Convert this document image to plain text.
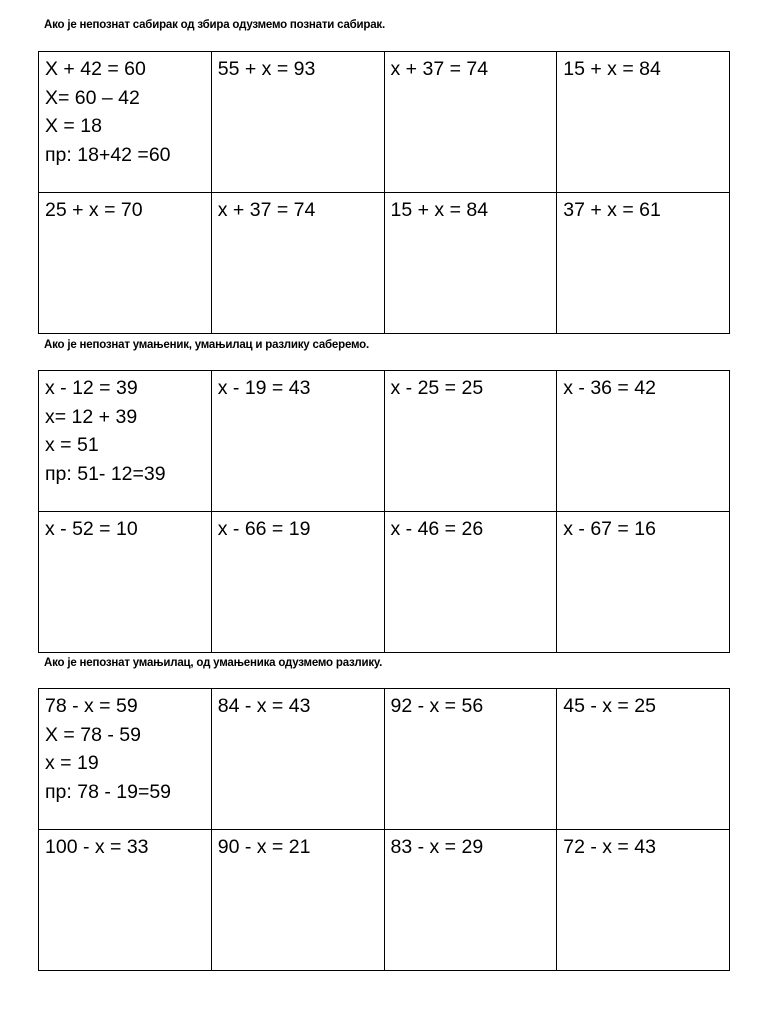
Ако је непознат сабирак од збира одузмемо познати сабирак.
X + 42 = 60
X= 60 – 42
X = 18
пр: 18+42 =60	55 + x = 93	x + 37 = 74	15 + x = 84

25 + x = 70	x + 37 = 74	15 + x = 84	37 + x = 61
Ако је непознат умањеник, умањилац и разлику саберемо.
x - 12 = 39
x= 12 + 39
x = 51
пр: 51- 12=39	x - 19 = 43	x - 25 = 25	x - 36 = 42

x - 52 = 10	x - 66 = 19	x - 46 = 26	x - 67 = 16
Ако је непознат умањилац, од умањеника одузмемо разлику.
78 - x = 59
X = 78 - 59
x = 19
пр: 78 - 19=59	84 - x = 43	92 - x = 56	45 - x = 25

100 - x = 33	90 - x = 21	83 - x = 29	72 - x = 43
